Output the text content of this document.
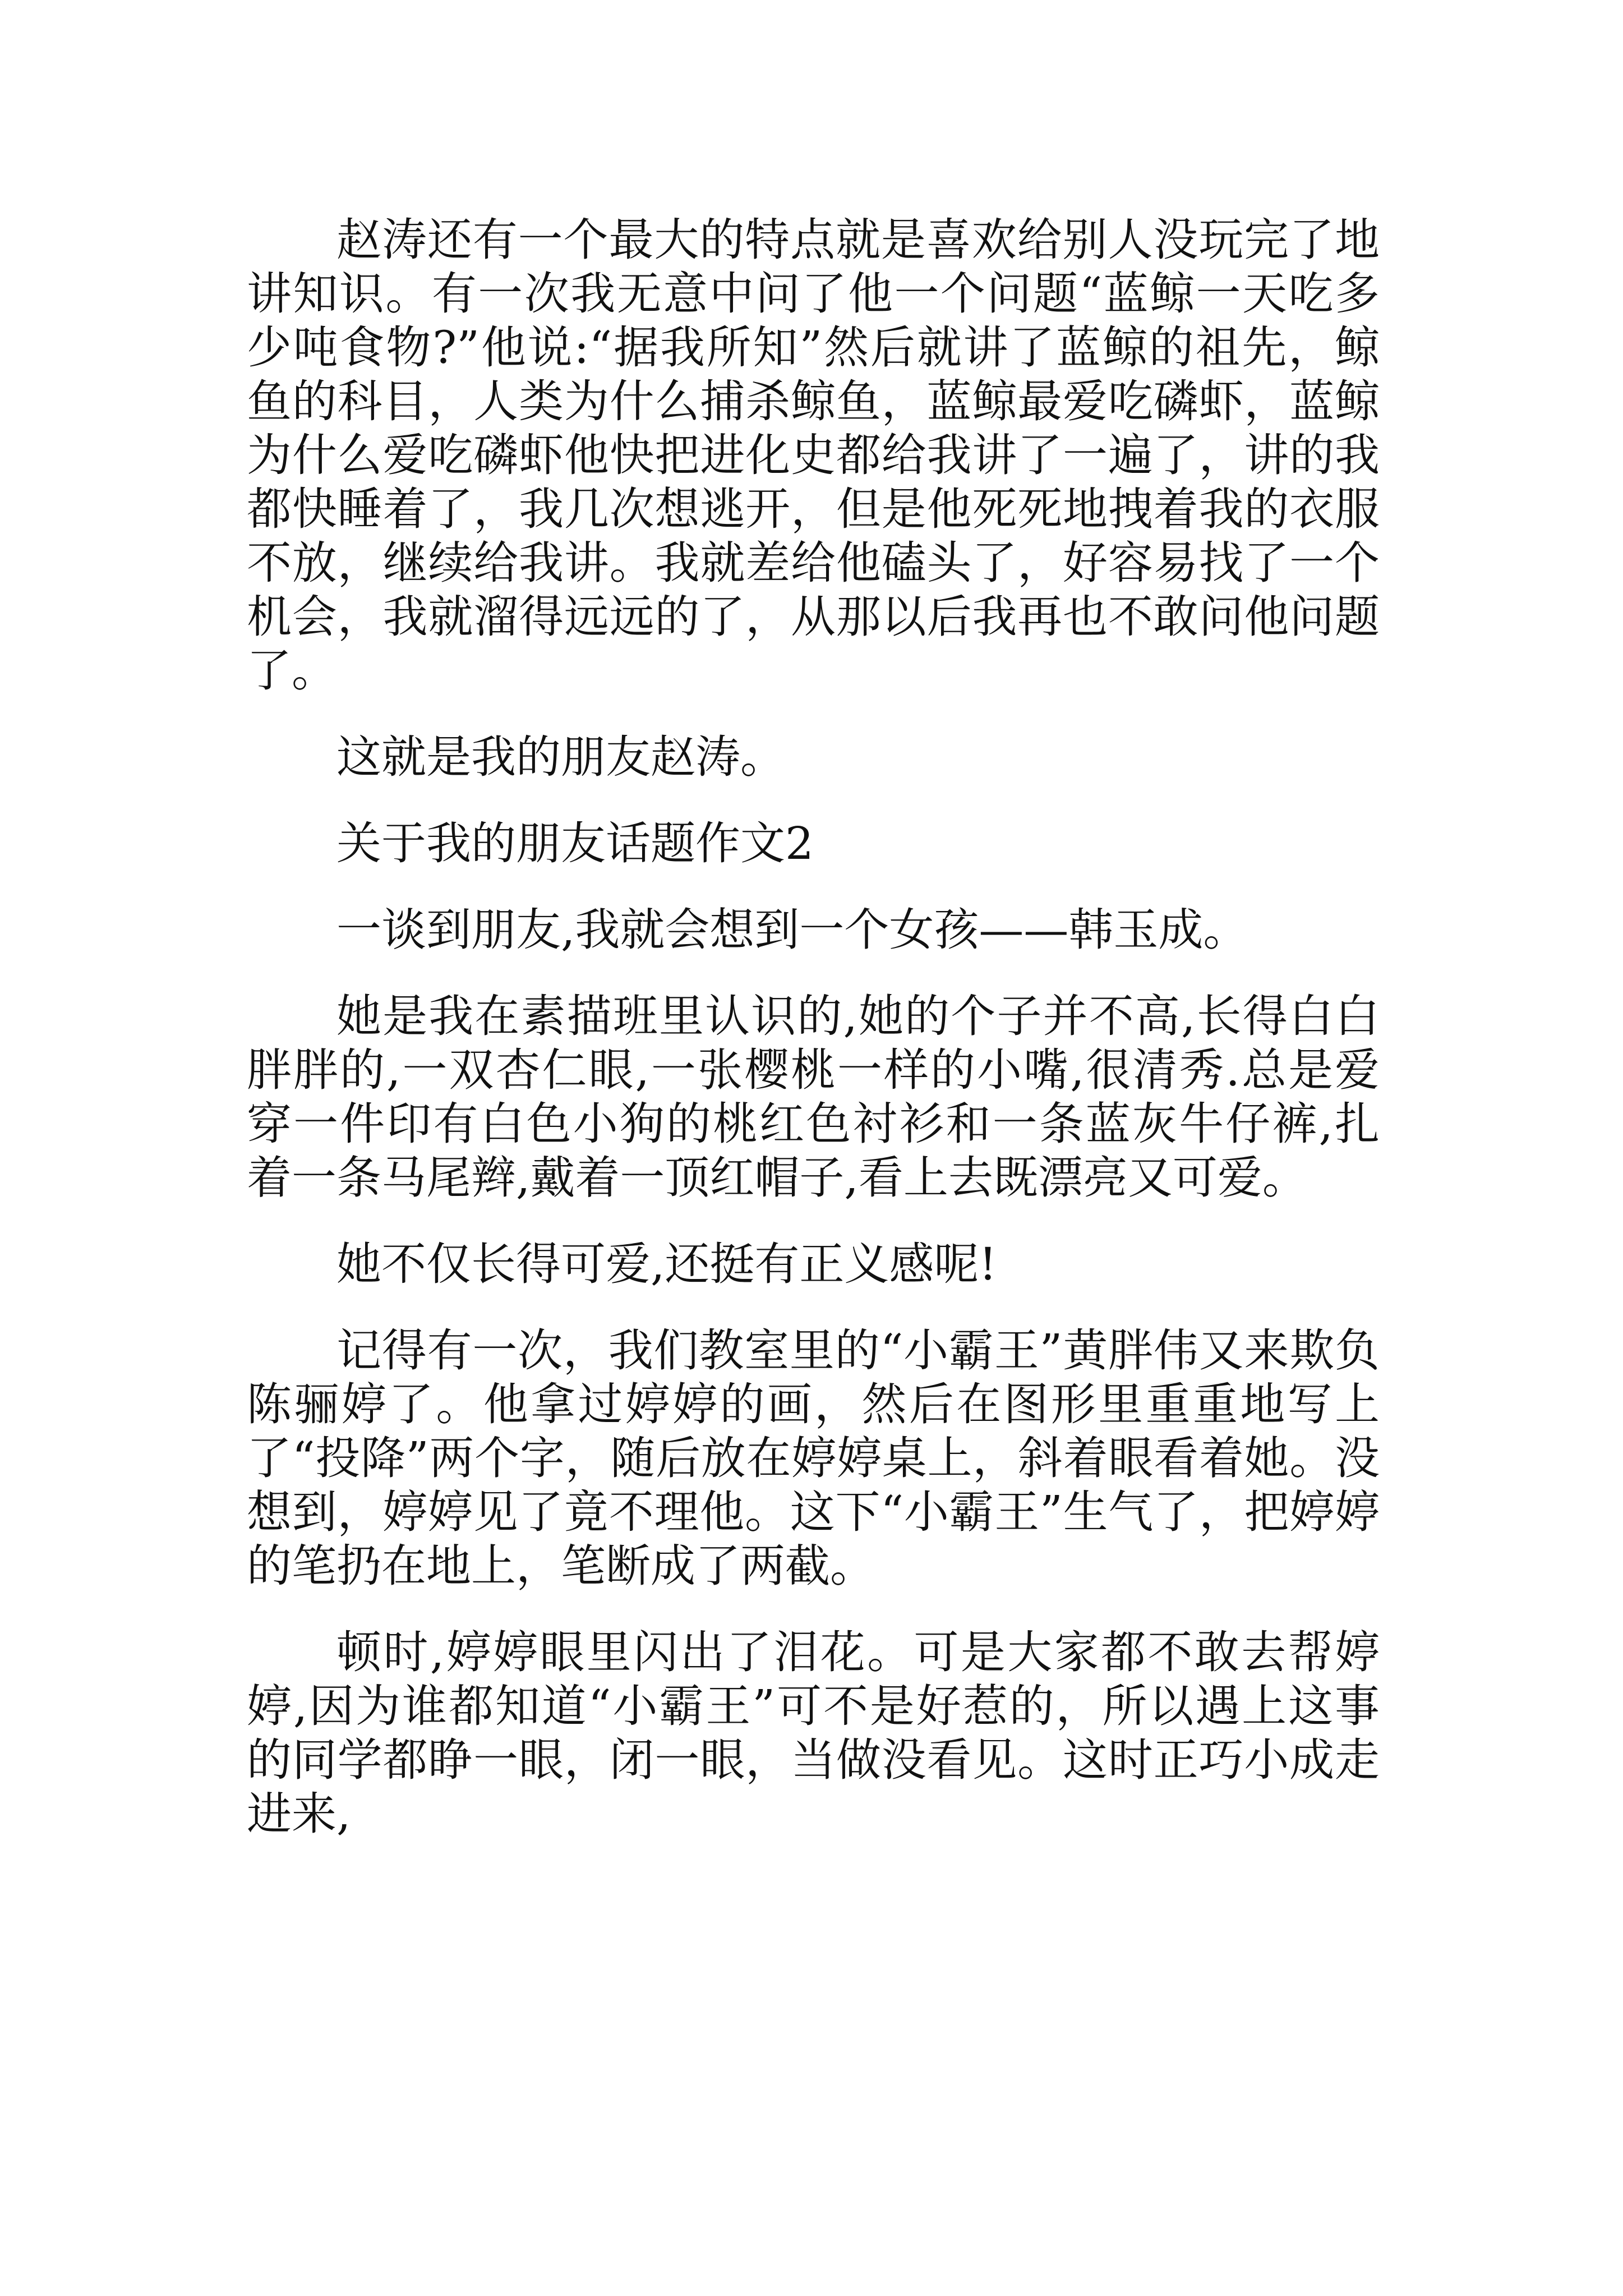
赵涛还有一个最大的特点就是喜欢给别人没玩完了地讲知识。有一次我无意中问了他一个问题“蓝鲸一天吃多少吨食物?”他说:“据我所知”然后就讲了蓝鲸的祖先，鲸鱼的科目，人类为什么捕杀鲸鱼，蓝鲸最爱吃磷虾，蓝鲸为什么爱吃磷虾他快把进化史都给我讲了一遍了，讲的我都快睡着了，我几次想逃开，但是他死死地拽着我的衣服不放，继续给我讲。我就差给他磕头了，好容易找了一个机会，我就溜得远远的了，从那以后我再也不敢问他问题了。

这就是我的朋友赵涛。

关于我的朋友话题作文2

一谈到朋友,我就会想到一个女孩——韩玉成。

她是我在素描班里认识的,她的个子并不高,长得白白胖胖的,一双杏仁眼,一张樱桃一样的小嘴,很清秀.总是爱穿一件印有白色小狗的桃红色衬衫和一条蓝灰牛仔裤,扎着一条马尾辫,戴着一顶红帽子,看上去既漂亮又可爱。

她不仅长得可爱,还挺有正义感呢!

记得有一次，我们教室里的“小霸王”黄胖伟又来欺负陈骊婷了。他拿过婷婷的画，然后在图形里重重地写上了“投降”两个字，随后放在婷婷桌上，斜着眼看着她。没想到，婷婷见了竟不理他。这下“小霸王”生气了，把婷婷的笔扔在地上，笔断成了两截。

顿时,婷婷眼里闪出了泪花。可是大家都不敢去帮婷婷,因为谁都知道“小霸王”可不是好惹的，所以遇上这事的同学都睁一眼，闭一眼，当做没看见。这时正巧小成走进来,
